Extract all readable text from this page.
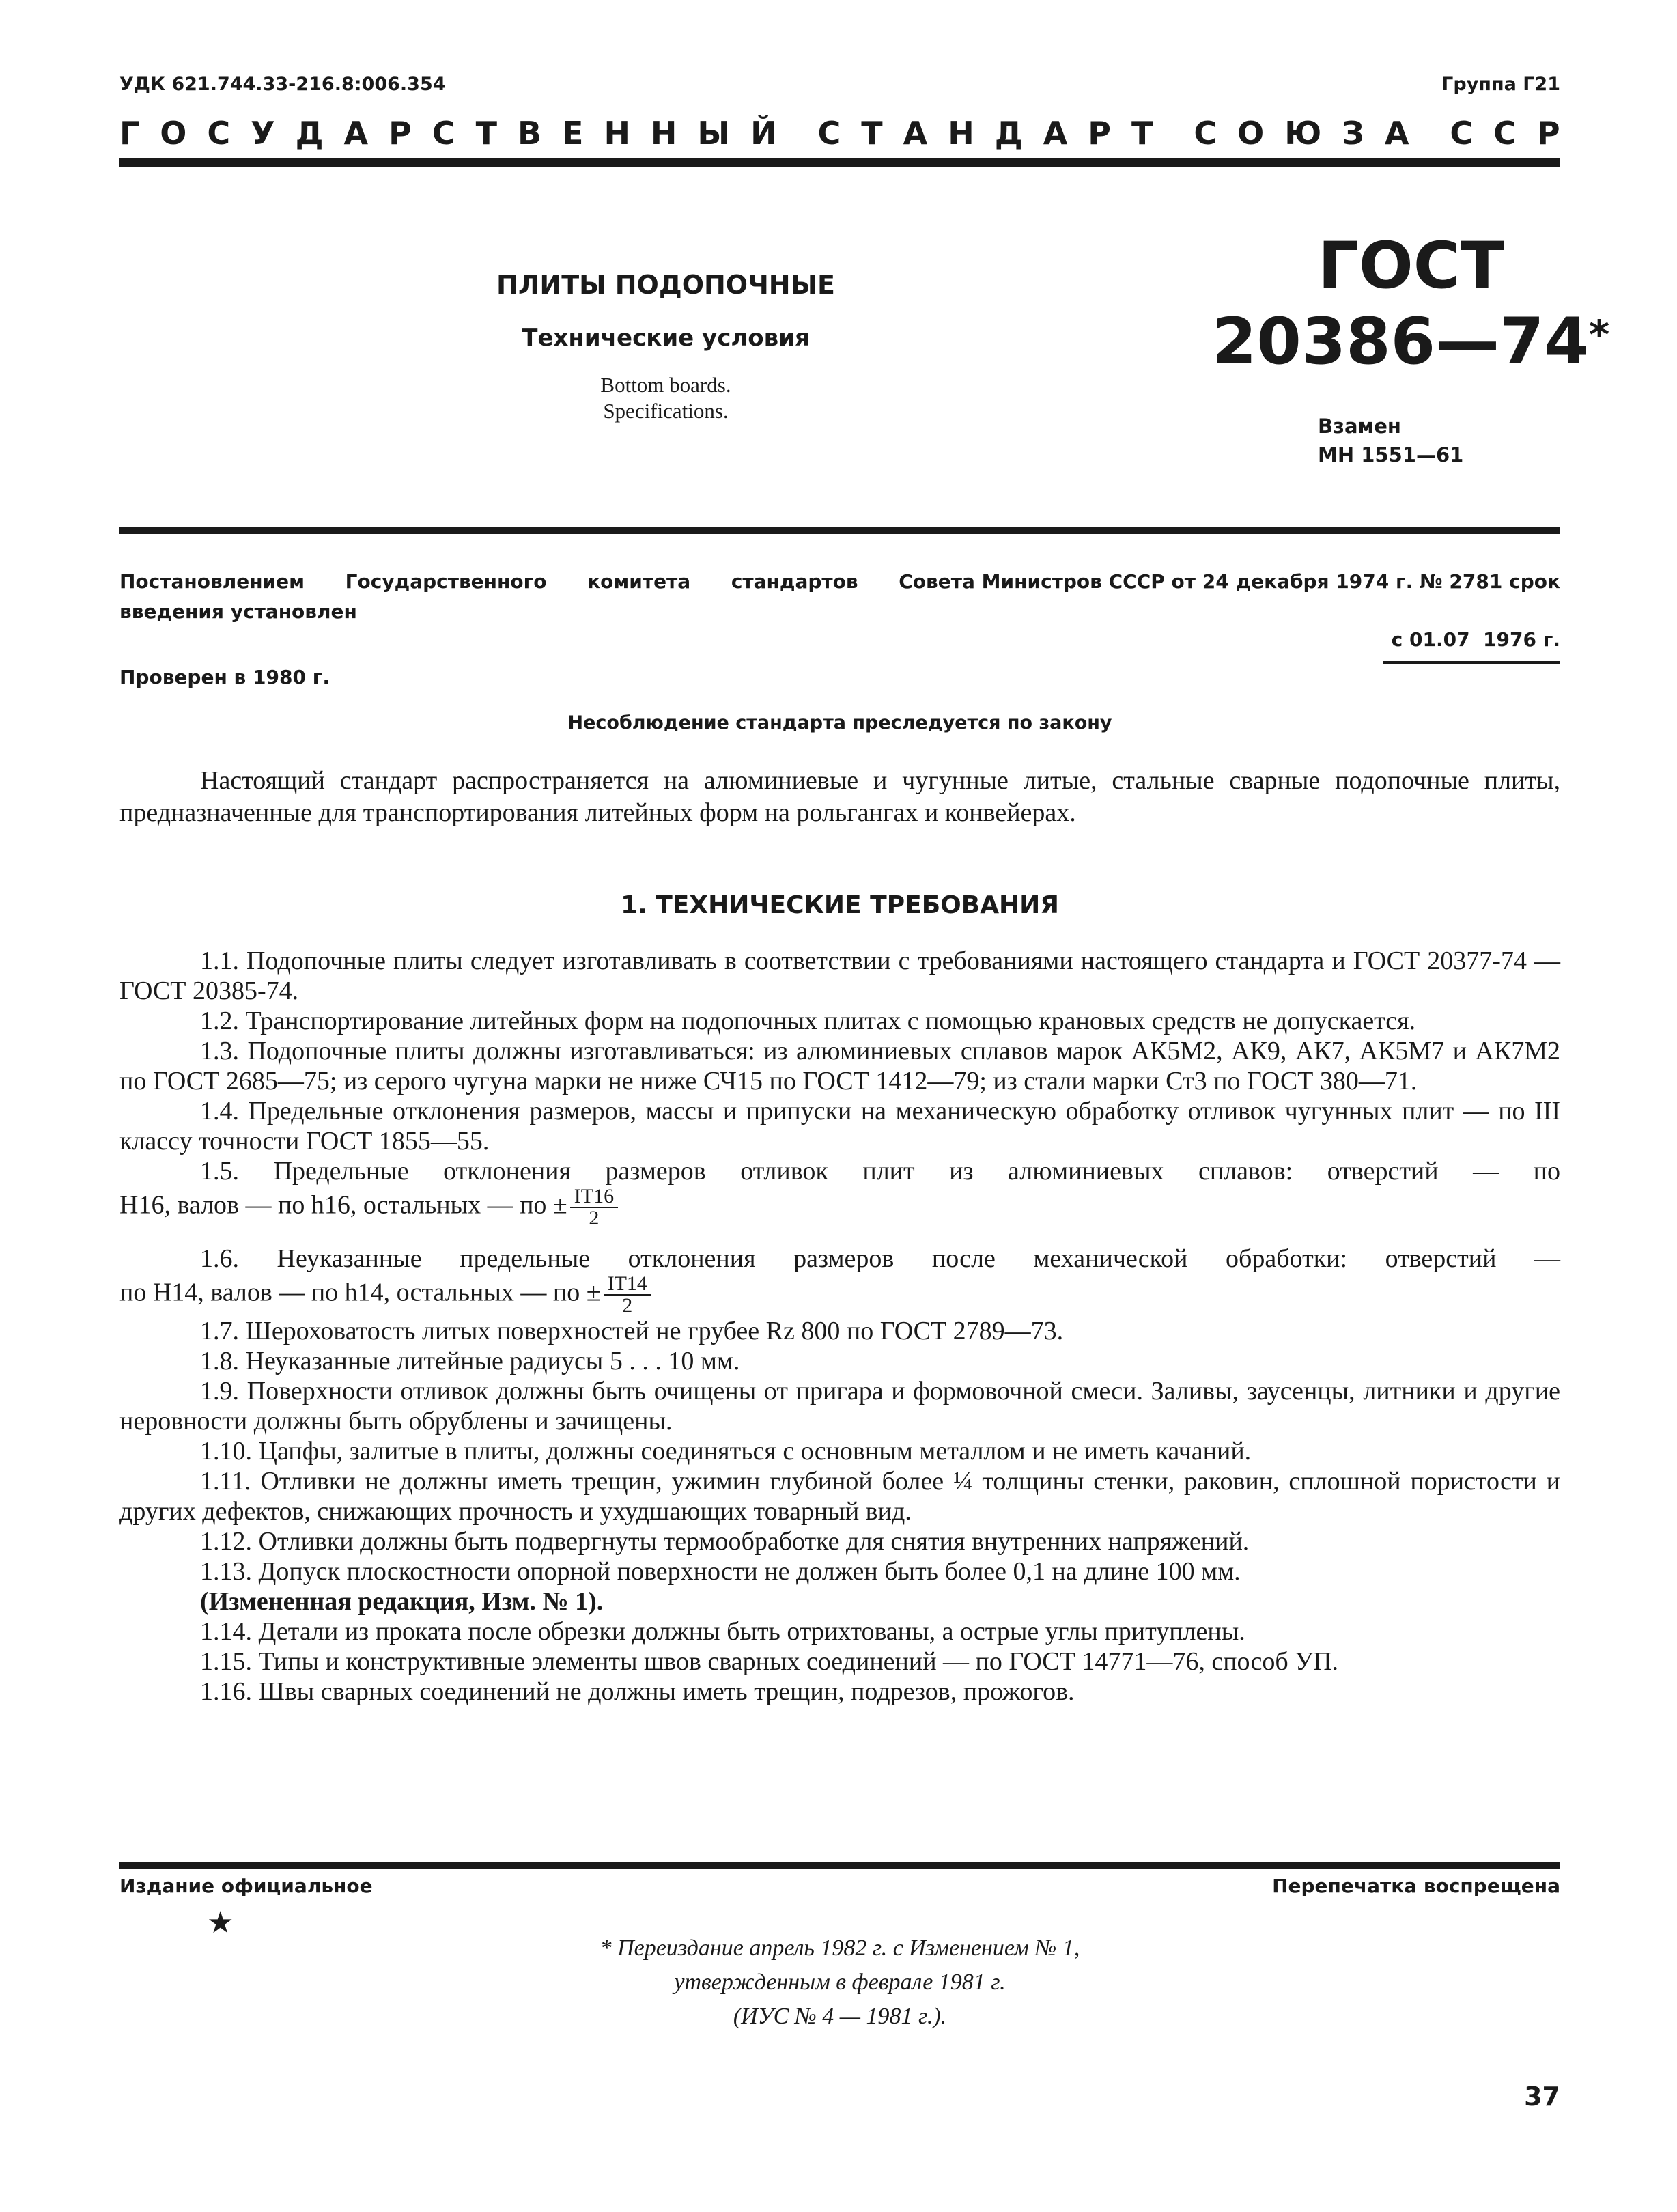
УДК 621.744.33-216.8:006.354	Группа Г21
Г О С У Д А Р С Т В Е Н Н Ы Й С Т А Н Д А Р Т С О Ю З А С С Р
ПЛИТЫ ПОДОПОЧНЫЕ
Технические условия
Bottom boards.
Specifications.
ГОСТ
20386—74*
Взамен
МН 1551—61
Постановлением Государственного комитета стандартов Совета Министров СССР от 24 декабря 1974 г. № 2781 срок
введения установлен
с 01.07  1976 г.
Проверен в 1980 г.
Несоблюдение стандарта преследуется по закону

Настоящий стандарт распространяется на алюминиевые и чугунные литые, стальные сварные подопочные плиты, предназначенные для транспортирования литейных форм на рольгангах и конвейерах.

1. ТЕХНИЧЕСКИЕ ТРЕБОВАНИЯ

1.1. Подопочные плиты следует изготавливать в соответствии с требованиями настоящего стандарта и ГОСТ 20377-74 — ГОСТ 20385-74.

1.2. Транспортирование литейных форм на подопочных плитах с помощью крановых средств не допускается.

1.3. Подопочные плиты должны изготавливаться: из алюминиевых сплавов марок АК5М2, АК9, АК7, АК5М7 и АК7М2 по ГОСТ 2685—75; из серого чугуна марки не ниже СЧ15 по ГОСТ 1412—79; из стали марки Ст3 по ГОСТ 380—71.

1.4. Предельные отклонения размеров, массы и припуски на механическую обработку отливок чугунных плит — по III классу точности ГОСТ 1855—55.

1.5. Предельные отклонения размеров отливок плит из алюминиевых сплавов: отверстий — по

H16, валов — по h16, остальных — по ± $\frac{IT16}{2}$

1.6. Неуказанные предельные отклонения размеров после механической обработки: отверстий —

по H14, валов — по h14, остальных — по ± $\frac{IT14}{2}$

1.7. Шероховатость литых поверхностей не грубее Rz 800 по ГОСТ 2789—73.

1.8. Неуказанные литейные радиусы 5 . . . 10 мм.

1.9. Поверхности отливок должны быть очищены от пригара и формовочной смеси. Заливы, заусенцы, литники и другие неровности должны быть обрублены и зачищены.

1.10. Цапфы, залитые в плиты, должны соединяться с основным металлом и не иметь качаний.

1.11. Отливки не должны иметь трещин, ужимин глубиной более ¼ толщины стенки, раковин, сплошной пористости и других дефектов, снижающих прочность и ухудшающих товарный вид.

1.12. Отливки должны быть подвергнуты термообработке для снятия внутренних напряжений.

1.13. Допуск плоскостности опорной поверхности не должен быть более 0,1 на длине 100 мм.

(Измененная редакция, Изм. № 1).

1.14. Детали из проката после обрезки должны быть отрихтованы, а острые углы притуплены.

1.15. Типы и конструктивные элементы швов сварных соединений — по ГОСТ 14771—76, способ УП.

1.16. Швы сварных соединений не должны иметь трещин, подрезов, прожогов.

Издание официальное	Перепечатка воспрещена
★
* Переиздание апрель 1982 г. с Изменением № 1,
утвержденным в феврале 1981 г.
(ИУС № 4 — 1981 г.).
37
